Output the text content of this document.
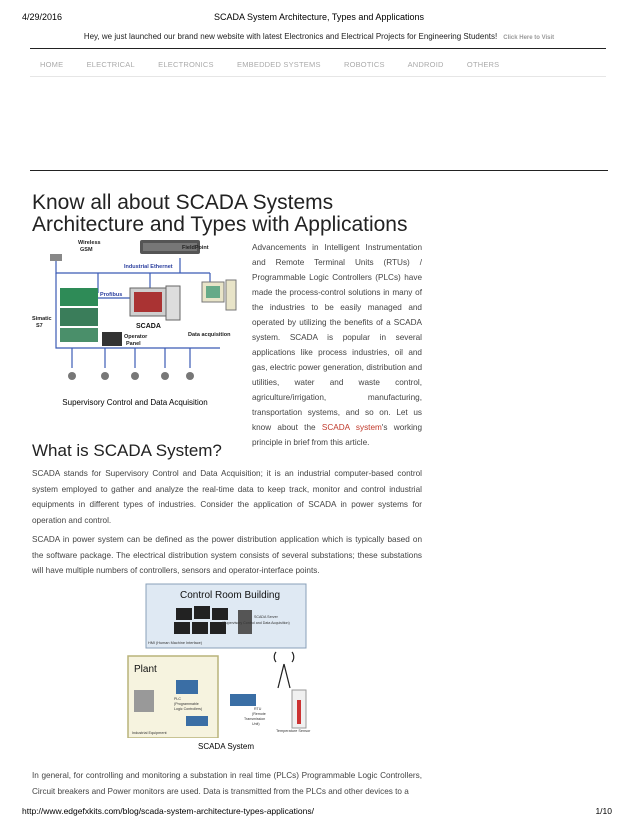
4/29/2016	SCADA System Architecture, Types and Applications
Hey, we just launched our brand new website with latest Electronics and Electrical Projects for Engineering Students! Click Here to Visit
HOME	ELECTRICAL	ELECTRONICS	EMBEDDED SYSTEMS	ROBOTICS	ANDROID	OTHERS
Know all about SCADA Systems
Architecture and Types with Applications
Wireless
GSM	FieldPoint
Industrial Ethernet
Profibus
Simatic
S7	SCADA
Operator
Panel
Data acquisition
Supervisory Control and Data Acquisition
Advancements in Intelligent Instrumentation and Remote Terminal Units (RTUs) / Programmable Logic Controllers (PLCs) have made the process-control solutions in many of the industries to be easily managed and operated by utilizing the benefits of a SCADA system. SCADA is popular in several applications like process industries, oil and gas, electric power generation, distribution and utilities, water and waste control, agriculture/irrigation, manufacturing, transportation systems, and so on. Let us know about the SCADA system's working principle in brief from this article.
What is SCADA System?
SCADA stands for Supervisory Control and Data Acquisition; it is an industrial computer-based control system employed to gather and analyze the real-time data to keep track, monitor and control industrial equipments in different types of industries. Consider the application of SCADA in power systems for operation and control.
SCADA in power system can be defined as the power distribution application which is typically based on the software package. The electrical distribution system consists of several substations; these substations will have multiple numbers of controllers, sensors and operator-interface points.
Control Room Building
SCADA Server
(Supervisory Control and Data Acquisition)
HMI (Human Machine Interface)
Plant
PLC
(Programmable
Logic Controllers)
Industrial Equipment
RTU
(Remote
Transmission
Unit)
Temperature Sensor
SCADA System
In general, for controlling and monitoring a substation in real time (PLCs) Programmable Logic Controllers, Circuit breakers and Power monitors are used. Data is transmitted from the PLCs and other devices to a
http://www.edgefxkits.com/blog/scada-system-architecture-types-applications/	1/10
